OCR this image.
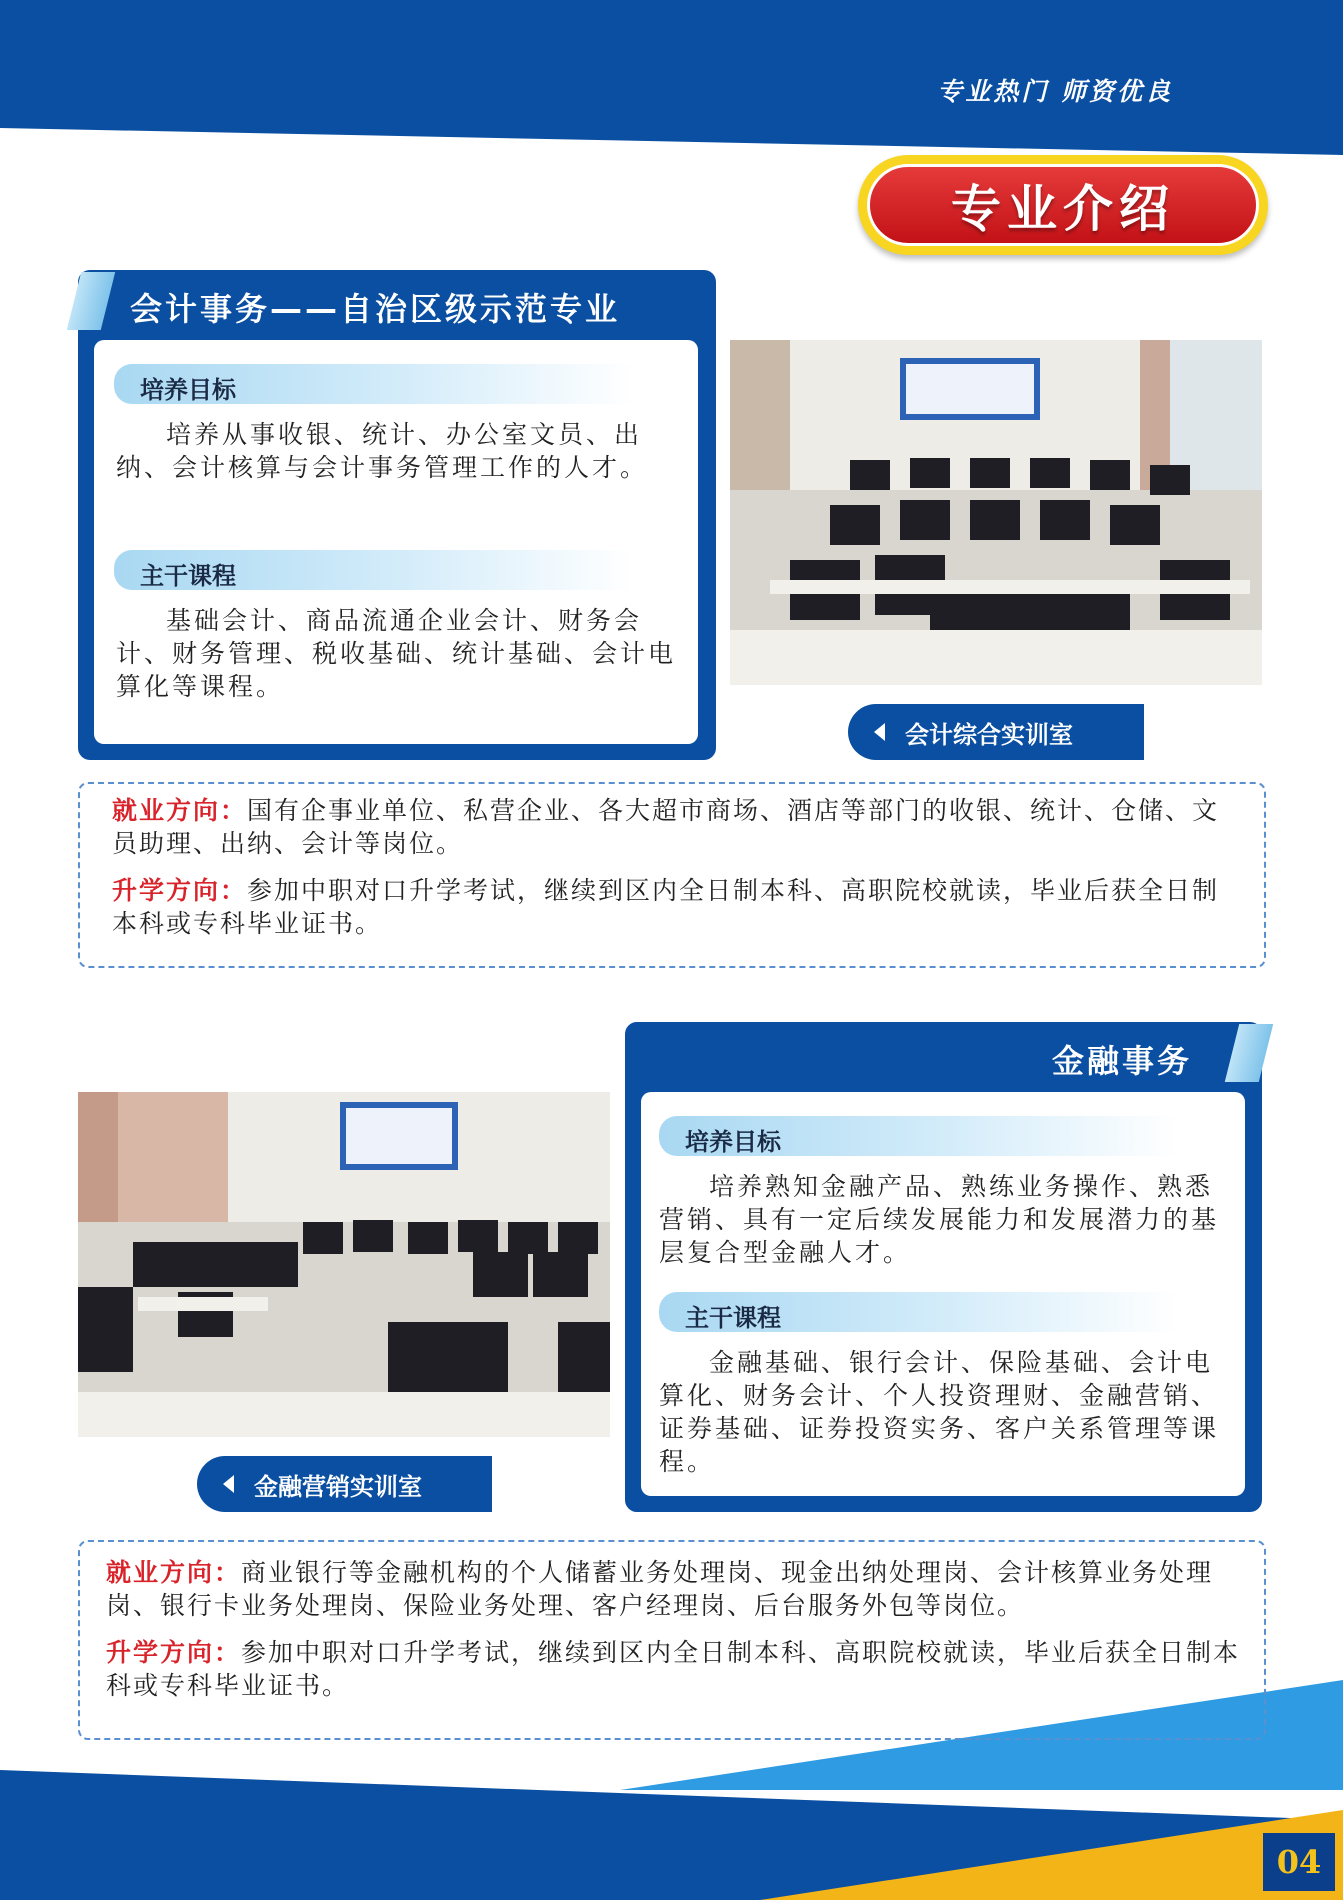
专业热门 师资优良
专业介绍
会计事务——自治区级示范专业
培养目标
培养从事收银、统计、办公室文员、出纳、会计核算与会计事务管理工作的人才。
主干课程
基础会计、商品流通企业会计、财务会计、财务管理、税收基础、统计基础、会计电算化等课程。
会计综合实训室
就业方向：国有企事业单位、私营企业、各大超市商场、酒店等部门的收银、统计、仓储、文员助理、出纳、会计等岗位。
升学方向：参加中职对口升学考试，继续到区内全日制本科、高职院校就读，毕业后获全日制本科或专科毕业证书。
金融事务
培养目标
培养熟知金融产品、熟练业务操作、熟悉营销、具有一定后续发展能力和发展潜力的基层复合型金融人才。
主干课程
金融基础、银行会计、保险基础、会计电算化、财务会计、个人投资理财、金融营销、证券基础、证券投资实务、客户关系管理等课程。
金融营销实训室
就业方向：商业银行等金融机构的个人储蓄业务处理岗、现金出纳处理岗、会计核算业务处理岗、银行卡业务处理岗、保险业务处理、客户经理岗、后台服务外包等岗位。
升学方向：参加中职对口升学考试，继续到区内全日制本科、高职院校就读，毕业后获全日制本科或专科毕业证书。
04
